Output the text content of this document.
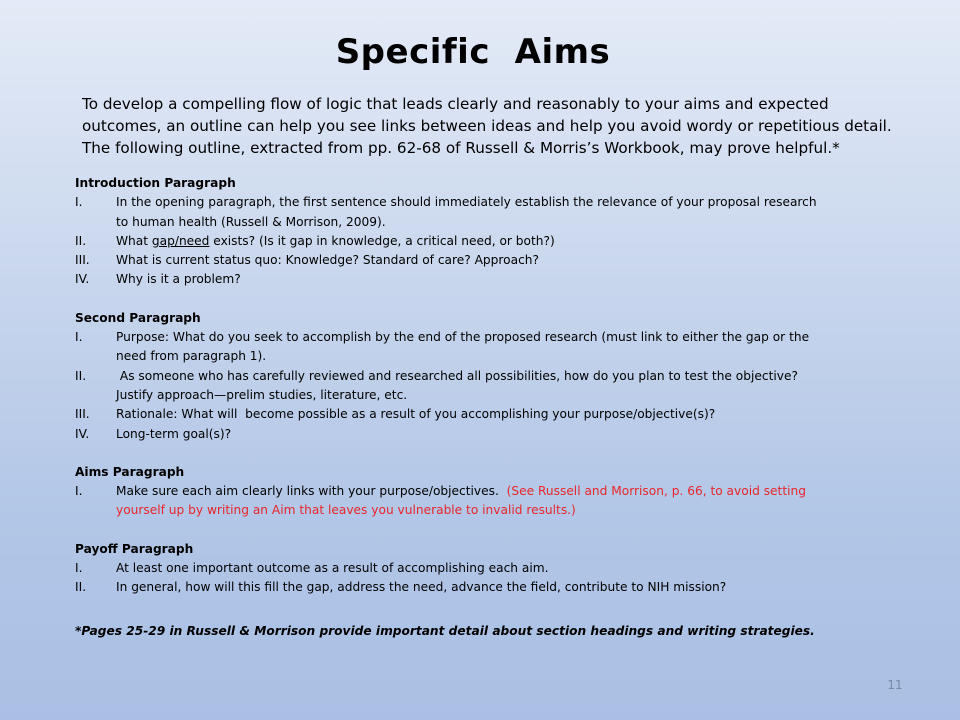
Specific  Aims
To develop a compelling flow of logic that leads clearly and reasonably to your aims and expected
outcomes, an outline can help you see links between ideas and help you avoid wordy or repetitious detail.
The following outline, extracted from pp. 62-68 of Russell & Morris’s Workbook, may prove helpful.*
Introduction Paragraph
I.	In the opening paragraph, the first sentence should immediately establish the relevance of your proposal research
to human health (Russell & Morrison, 2009).
II.	What gap/need exists? (Is it gap in knowledge, a critical need, or both?)
III.	What is current status quo: Knowledge? Standard of care? Approach?
IV.	Why is it a problem?
Second Paragraph
I.	Purpose: What do you seek to accomplish by the end of the proposed research (must link to either the gap or the
need from paragraph 1).
II.	As someone who has carefully reviewed and researched all possibilities, how do you plan to test the objective?
Justify approach—prelim studies, literature, etc.
III.	Rationale: What will  become possible as a result of you accomplishing your purpose/objective(s)?
IV.	Long-term goal(s)?
Aims Paragraph
I.	Make sure each aim clearly links with your purpose/objectives.  (See Russell and Morrison, p. 66, to avoid setting
yourself up by writing an Aim that leaves you vulnerable to invalid results.)
Payoff Paragraph
I.	At least one important outcome as a result of accomplishing each aim.
II.	In general, how will this fill the gap, address the need, advance the field, contribute to NIH mission?
*Pages 25-29 in Russell & Morrison provide important detail about section headings and writing strategies.
11
